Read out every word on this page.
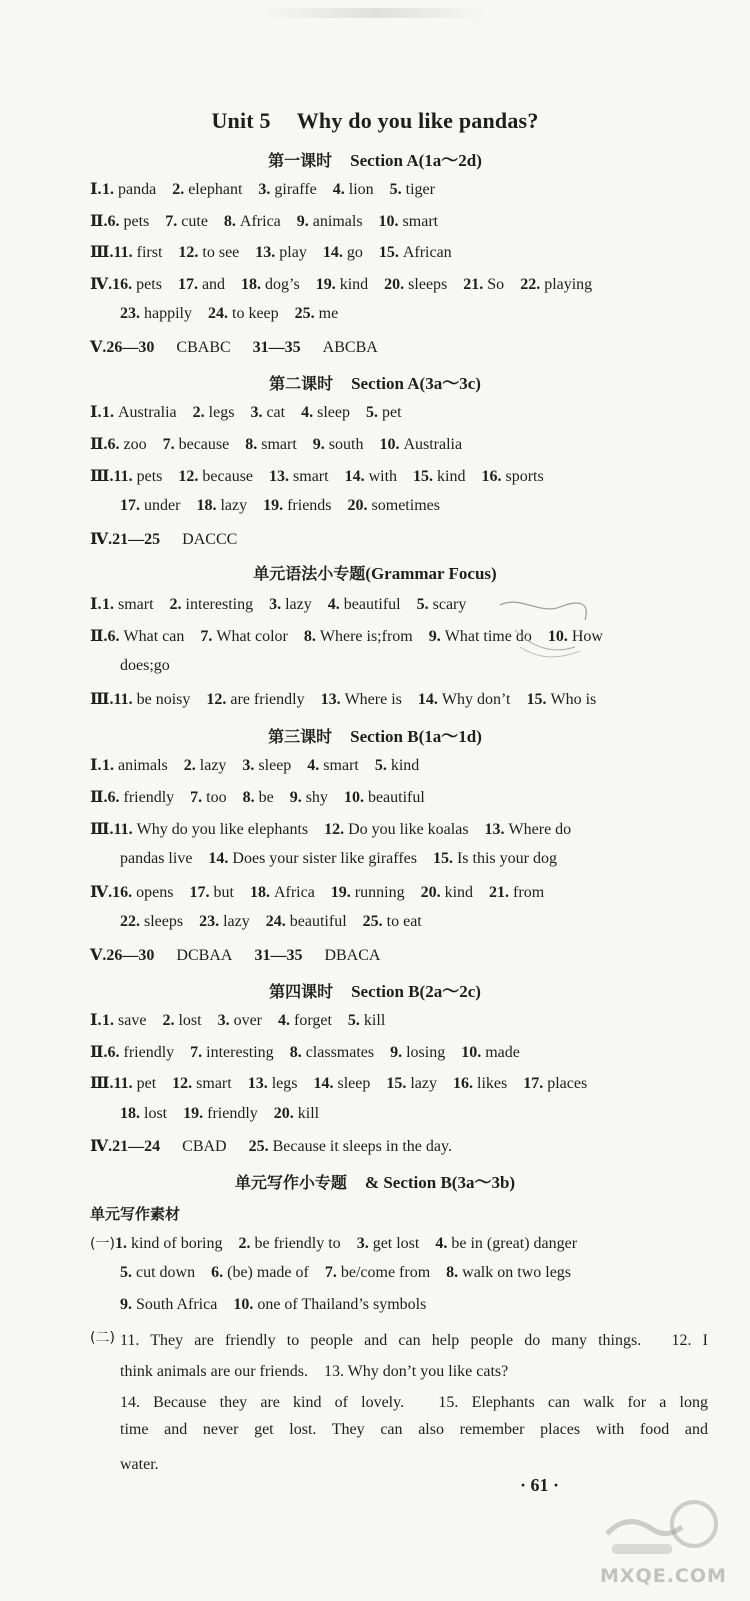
Unit 5 Why do you like pandas?
第一课时 Section A(1a～2d)
Ⅰ.1. panda 2. elephant 3. giraffe 4. lion 5. tiger
Ⅱ.6. pets 7. cute 8. Africa 9. animals 10. smart
Ⅲ.11. first 12. to see 13. play 14. go 15. African
Ⅳ.16. pets 17. and 18. dog’s 19. kind 20. sleeps 21. So 22. playing
23. happily 24. to keep 25. me
Ⅴ.26—30 CBABC 31—35 ABCBA
第二课时 Section A(3a～3c)
Ⅰ.1. Australia 2. legs 3. cat 4. sleep 5. pet
Ⅱ.6. zoo 7. because 8. smart 9. south 10. Australia
Ⅲ.11. pets 12. because 13. smart 14. with 15. kind 16. sports
17. under 18. lazy 19. friends 20. sometimes
Ⅳ.21—25 DACCC
单元语法小专题(Grammar Focus)
Ⅰ.1. smart 2. interesting 3. lazy 4. beautiful 5. scary
Ⅱ.6. What can 7. What color 8. Where is;from 9. What time do 10. How
does;go
Ⅲ.11. be noisy 12. are friendly 13. Where is 14. Why don’t 15. Who is
第三课时 Section B(1a～1d)
Ⅰ.1. animals 2. lazy 3. sleep 4. smart 5. kind
Ⅱ.6. friendly 7. too 8. be 9. shy 10. beautiful
Ⅲ.11. Why do you like elephants 12. Do you like koalas 13. Where do
pandas live 14. Does your sister like giraffes 15. Is this your dog
Ⅳ.16. opens 17. but 18. Africa 19. running 20. kind 21. from
22. sleeps 23. lazy 24. beautiful 25. to eat
Ⅴ.26—30 DCBAA 31—35 DBACA
第四课时 Section B(2a～2c)
Ⅰ.1. save 2. lost 3. over 4. forget 5. kill
Ⅱ.6. friendly 7. interesting 8. classmates 9. losing 10. made
Ⅲ.11. pet 12. smart 13. legs 14. sleep 15. lazy 16. likes 17. places
18. lost 19. friendly 20. kill
Ⅳ.21—24 CBAD 25. Because it sleeps in the day.
单元写作小专题 & Section B(3a～3b)
单元写作素材
(一)1. kind of boring 2. be friendly to 3. get lost 4. be in (great) danger
5. cut down 6. (be) made of 7. be/come from 8. walk on two legs
9. South Africa 10. one of Thailand’s symbols
(二) 11. They are friendly to people and can help people do many things.　12. I
think animals are our friends.　13. Why don’t you like cats?
14. Because they are kind of lovely.　15. Elephants can walk for a long
time and never get lost. They can also remember places with food and
water.
· 61 ·
MXQE.COM
